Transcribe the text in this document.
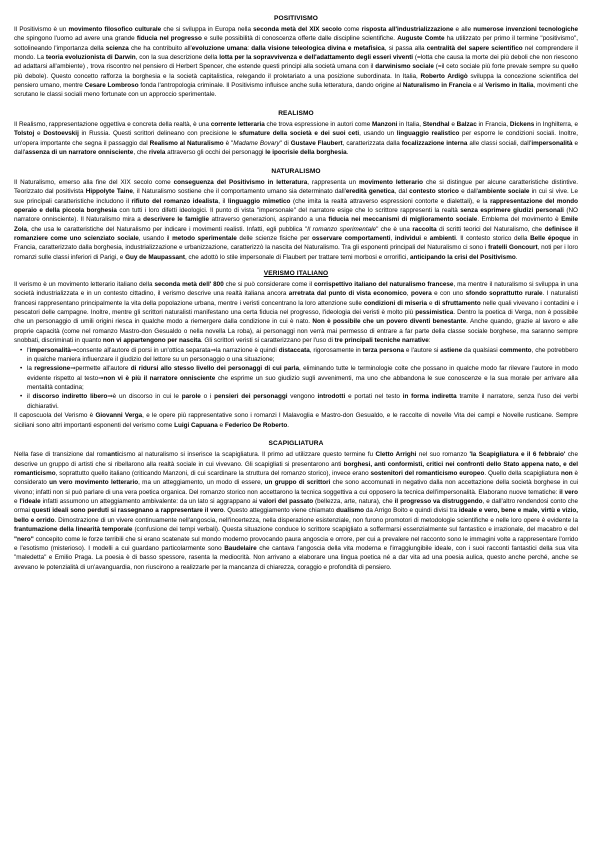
POSITIVISMO

Il Positivismo è un movimento filosofico culturale che si sviluppa in Europa nella seconda metà del XIX secolo come risposta all'industrializzazione e alle numerose invenzioni tecnologiche che spingono l'uomo ad avere una grande fiducia nel progresso e sulle possibilità di conoscenza offerte dalle discipline scientifiche. Auguste Comte ha utilizzato per primo il termine "positivismo", sottolineando l'importanza della scienza che ha contribuito all'evoluzione umana: dalla visione teleologica divina e metafisica, si passa alla centralità del sapere scientifico nel comprendere il mondo. La teoria evoluzionista di Darwin, con la sua descrizione della lotta per la sopravvivenza e dell'adattamento degli esseri viventi (=lotta che causa la morte dei più deboli che non riescono ad adattarsi all'ambiente) , trova riscontro nel pensiero di Herbert Spencer, che estende questi principi alla società umana con il darwinismo sociale (=il ceto sociale più forte prevale sempre su quello più debole). Questo concetto rafforza la borghesia e la società capitalistica, relegando il proletariato a una posizione subordinata. In Italia, Roberto Ardigò sviluppa la concezione scientifica del pensiero umano, mentre Cesare Lombroso fonda l'antropologia criminale. Il Positivismo influisce anche sulla letteratura, dando origine al Naturalismo in Francia e al Verismo in Italia, movimenti che scrutano le classi sociali meno fortunate con un approccio sperimentale.

REALISMO

Il Realismo, rappresentazione oggettiva e concreta della realtà, è una corrente letteraria che trova espressione in autori come Manzoni in Italia, Stendhal e Balzac in Francia, Dickens in Inghilterra, e Tolstoj e Dostoevskij in Russia. Questi scrittori delineano con precisione le sfumature della società e dei suoi ceti, usando un linguaggio realistico per esporre le condizioni sociali. Inoltre, un'opera importante che segna il passaggio dal Realismo al Naturalismo è "Madame Bovary" di Gustave Flaubert, caratterizzata dalla focalizzazione interna alle classi sociali, dall'impersonalità e dall'assenza di un narratore onnisciente, che rivela attraverso gli occhi dei personaggi le ipocrisie della borghesia.

NATURALISMO

Il Naturalismo, emerso alla fine del XIX secolo come conseguenza del Positivismo in letteratura, rappresenta un movimento letterario che si distingue per alcune caratteristiche distintive. Teorizzato dal positivista Hippolyte Taine, il Naturalismo sostiene che il comportamento umano sia determinato dall'eredità genetica, dal contesto storico e dall'ambiente sociale in cui si vive. Le sue principali caratteristiche includono il rifiuto del romanzo idealista, il linguaggio mimetico (che imita la realtà attraverso espressioni contorte e dialettali), e la rappresentazione del mondo operaio e della piccola borghesia con tutti i loro difetti ideologici. Il punto di vista "impersonale" del narratore esige che lo scrittore rappresenti la realtà senza esprimere giudizi personali (NO narratore onnisciente). Il Naturalismo mira a descrivere le famiglie attraverso generazioni, aspirando a una fiducia nei meccanismi di miglioramento sociale. Emblema del movimento è Emile Zola, che usa le caratteristiche del Naturalismo per indicare i movimenti realisti. Infatti, egli pubblica "Il romanzo sperimentale" che è una raccolta di scritti teorici del Naturalismo, che definisce il romanziere come uno scienziato sociale, usando il metodo sperimentale delle scienze fisiche per osservare comportamenti, individui e ambienti. Il contesto storico della Belle époque in Francia, caratterizzato dalla borghesia, industrializzazione e urbanizzazione, caratterizzò la nascita del Naturalismo. Tra gli esponenti principali del Naturalismo ci sono i fratelli Goncourt, noti per i loro romanzi sulle classi inferiori di Parigi, e Guy de Maupassant, che adottò lo stile impersonale di Flaubert per trattare temi morbosi e orrorifici, anticipando la crisi del Positivismo.

VERISMO ITALIANO

Il verismo è un movimento letterario italiano della seconda metà dell' 800 che si può considerare come il corrispettivo italiano del naturalismo francese, ma mentre il naturalismo si sviluppa in una società industrializzata e in un contesto cittadino, il verismo descrive una realtà italiana ancora arretrata dal punto di vista economico, povera e con uno sfondo soprattutto rurale. I naturalisti francesi rappresentano principalmente la vita della popolazione urbana, mentre i veristi concentrano la loro attenzione sulle condizioni di miseria e di sfruttamento nelle quali vivevano i contadini e i pescatori delle campagne. Inoltre, mentre gli scrittori naturalisti manifestano una certa fiducia nel progresso, l'ideologia dei veristi è molto più pessimistica. Dentro la poetica di Verga, non è possibile che un personaggio di umili origini riesca in qualche modo a riemergere dalla condizione in cui è nato. Non è possibile che un povero diventi benestante. Anche quando, grazie al lavoro e alle proprie capacità (come nel romanzo Mastro-don Gesualdo o nella novella La roba), ai personaggi non verrà mai permesso di entrare a far parte della classe sociale borghese, ma saranno sempre snobbati, discriminati in quanto non vi appartengono per nascita. Gli scrittori veristi si caratterizzano per l'uso di tre principali tecniche narrative:

• l'impersonalità⇒consente all'autore di porsi in un'ottica separata⇒la narrazione è quindi distaccata, rigorosamente in terza persona e l'autore si astiene da qualsiasi commento, che potrebbero in qualche maniera influenzare il giudizio del lettore su un personaggio o una situazione;
• la regressione⇒permette all'autore di ridursi allo stesso livello dei personaggi di cui parla, eliminando tutte le terminologie colte che possano in qualche modo far rilevare l'autore in modo evidente rispetto al testo⇒non vi è più il narratore onnisciente che esprime un suo giudizio sugli avvenimenti, ma uno che abbandona le sue conoscenze e la sua morale per arrivare alla mentalità contadina;
• il discorso indiretto libero⇒è un discorso in cui le parole o i pensieri dei personaggi vengono introdotti e portati nel testo in forma indiretta tramite il narratore, senza l'uso dei verbi dichiarativi.

Il caposcuola del Verismo è Giovanni Verga, e le opere più rappresentative sono i romanzi I Malavoglia e Mastro-don Gesualdo, e le raccolte di novelle Vita dei campi e Novelle rusticane. Sempre siciliani sono altri importanti esponenti del verismo come Luigi Capuana e Federico De Roberto.

SCAPIGLIATURA

Nella fase di transizione dal romanticismo al naturalismo si inserisce la scapigliatura. Il primo ad utilizzare questo termine fu Cletto Arrighi nel suo romanzo 'la Scapigliatura e il 6 febbraio' che descrive un gruppo di artisti che si ribellarono alla realtà sociale in cui vivevano. Gli scapigliati si presentarono anti borghesi, anti conformisti, critici nei confronti dello Stato appena nato, e del romanticismo, soprattutto quello italiano (criticando Manzoni, di cui scardinare la struttura del romanzo storico), invece erano sostenitori del romanticismo europeo. Quello della scapigliatura non è considerato un vero movimento letterario, ma un atteggiamento, un modo di essere, un gruppo di scrittori che sono accomunati in negativo dalla non accettazione della società borghese in cui vivono; infatti non si può parlare di una vera poetica organica. Del romanzo storico non accettarono la tecnica soggettiva a cui opposero la tecnica dell'impersonalità. Elaborano nuove tematiche: il vero e l'ideale infatti assumono un atteggiamento ambivalente: da un lato si aggrappano ai valori del passato (bellezza, arte, natura), che il progresso va distruggendo, e dall'altro rendendosi conto che ormai questi ideali sono perduti si rassegnano a rappresentare il vero. Questo atteggiamento viene chiamato dualismo da Arrigo Boito e quindi divisi tra ideale e vero, bene e male, virtù e vizio, bello e orrido. Dimostrazione di un vivere continuamente nell'angoscia, nell'incertezza, nella disperazione esistenziale, non furono promotori di metodologie scientifiche e nelle loro opere è evidente la frantumazione della linearità temporale (confusione dei tempi verbali). Questa situazione conduce lo scrittore scapigliato a soffermarsi essenzialmente sul fantastico e irrazionale, del macabro e del "nero" concepito come le forze terribili che si erano scatenate sul mondo moderno provocando paura angoscia e orrore, per cui a prevalere nel racconto sono le immagini volte a rappresentare l'orrido e l'esotismo (misterioso). I modelli a cui guardano particolarmente sono Baudelaire che cantava l'angoscia della vita moderna e l'irraggiungibile ideale, con i suoi racconti fantastici della sua vita "maledetta" e Emilio Praga. La poesia è di basso spessore, rasenta la mediocrità. Non arrivano a elaborare una lingua poetica né a dar vita ad una poesia aulica, questo anche perché, anche se avevano le potenzialità di un'avanguardia, non riuscirono a realizzarle per la mancanza di chiarezza, coraggio e profondità di pensiero.
